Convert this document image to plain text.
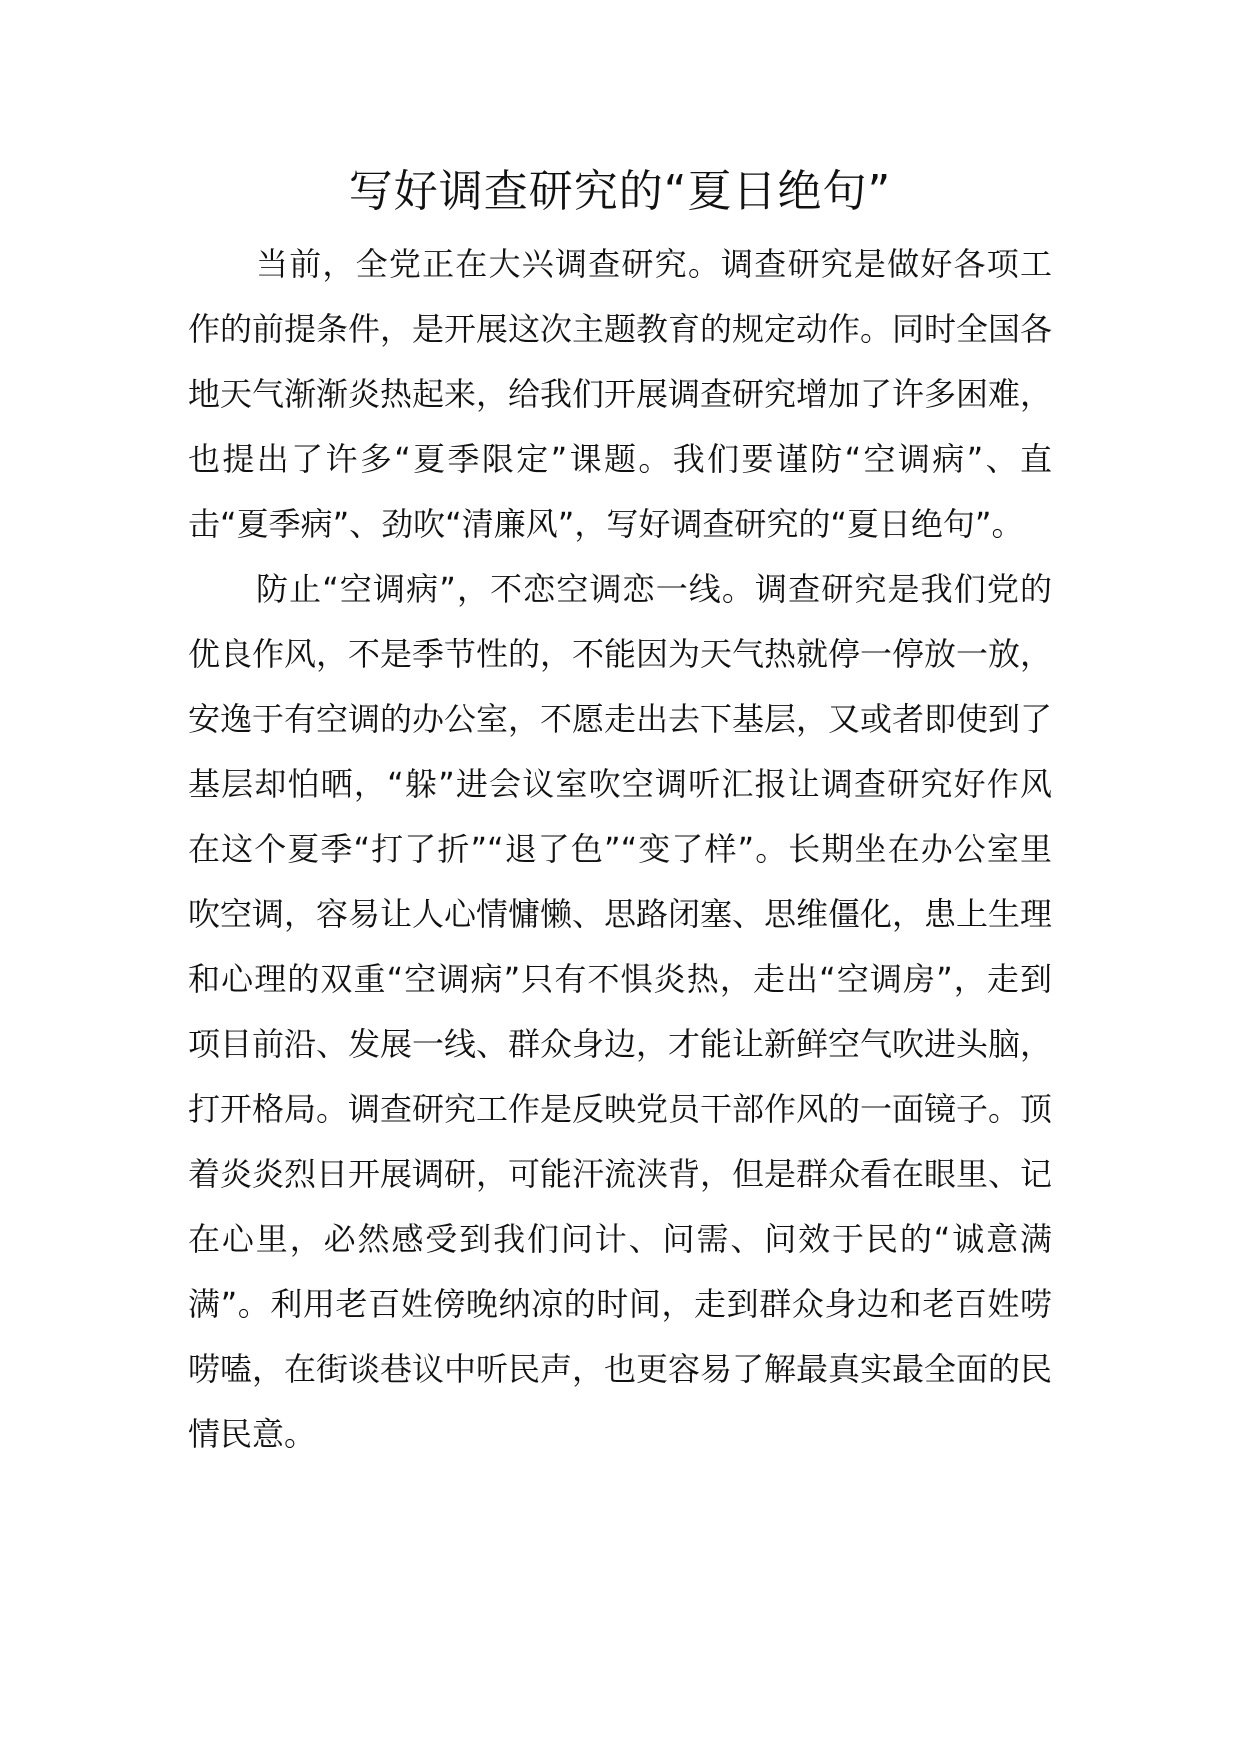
写好调查研究的“夏日绝句”

当前，全党正在大兴调查研究。调查研究是做好各项工作的前提条件，是开展这次主题教育的规定动作。同时全国各地天气渐渐炎热起来，给我们开展调查研究增加了许多困难，也提出了许多“夏季限定”课题。我们要谨防“空调病”、直击“夏季病”、劲吹“清廉风”，写好调查研究的“夏日绝句”。

防止“空调病”，不恋空调恋一线。调查研究是我们党的优良作风，不是季节性的，不能因为天气热就停一停放一放，安逸于有空调的办公室，不愿走出去下基层，又或者即使到了基层却怕晒，“躲”进会议室吹空调听汇报让调查研究好作风在这个夏季“打了折”“退了色”“变了样”。长期坐在办公室里吹空调，容易让人心情慵懒、思路闭塞、思维僵化，患上生理和心理的双重“空调病”只有不惧炎热，走出“空调房”，走到项目前沿、发展一线、群众身边，才能让新鲜空气吹进头脑，打开格局。调查研究工作是反映党员干部作风的一面镜子。顶着炎炎烈日开展调研，可能汗流浃背，但是群众看在眼里、记在心里，必然感受到我们问计、问需、问效于民的“诚意满满”。利用老百姓傍晚纳凉的时间，走到群众身边和老百姓唠唠嗑，在街谈巷议中听民声，也更容易了解最真实最全面的民情民意。
